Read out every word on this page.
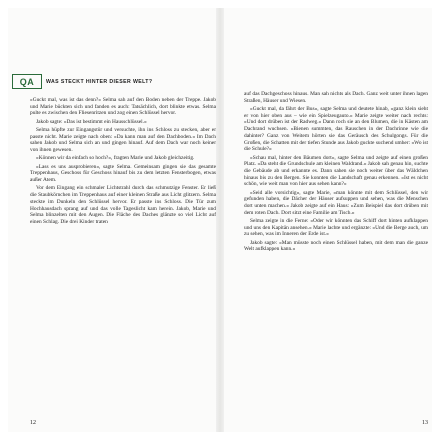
QA	WAS STECKT HINTER DIESER WELT?

»Guckt mal, was ist das denn?« Selma sah auf den Boden neben der Treppe. Jakob und Marie bückten sich und fanden es auch: Tatsächlich, dort blinkte etwas. Selma pulte es zwischen den Fliesenritzen und zog einen Schlüssel hervor.

Jakob sagte: »Das ist bestimmt ein Hausschlüssel.«

Selma hüpfte zur Eingangstür und versuchte, ihn ins Schloss zu stecken, aber er passte nicht. Marie zeigte nach oben: »Da kann man auf den Dachboden.« Im Dach sahen Jakob und Selma sich an und gingen hinauf. Auf dem Dach war noch keiner von ihnen gewesen.

»Können wir da einfach so hoch?«, fragten Marie und Jakob gleichzeitig.

»Lass es uns ausprobieren«, sagte Selma. Gemeinsam gingen sie das gesamte Treppenhaus, Geschoss für Geschoss hinauf bis zu dem letzten Fensterbogen, etwas außer Atem.

Vor dem Eingang ein schmaler Lichtstrahl durch das schmutzige Fenster. Er ließ die Staubkörnchen im Treppenhaus auf einer kleinen Straße aus Licht glitzern. Selma steckte im Dunkeln den Schlüssel hervor. Er passte ins Schloss. Die Tür zum Hochhausdach sprang auf und das volle Tageslicht kam herein. Jakob, Marie und Selma blinzelten mit den Augen. Die Fläche des Daches glänzte so viel Licht auf einen Schlag. Die drei Kinder traten

12

auf das Dachgeschoss hinaus. Man sah nichts als Dach. Ganz weit unter ihnen lagen Straßen, Häuser und Wiesen.

»Guckt mal, da fährt der Bus«, sagte Selma und deutete hinab, »ganz klein sieht er von hier oben aus – wie ein Spielzeugauto.« Marie zeigte weiter nach rechts: »Und dort drüben ist der Radweg.« Dann roch sie an den Blumen, die in Kästen am Dachrand wuchsen. »Bienen summten, das Rauschen in der Dachrinne wie die dahinter? Ganz von Weitem hörten sie das Geräusch des Schulgongs. Für die Großen, die Schatten mit der tiefen Stunde aus Jakob guckte suchend umher: »Wo ist die Schule?«

»Schau mal, hinter den Bäumen dort«, sagte Selma und zeigte auf einen großen Platz. »Da steht die Grundschule am kleinen Waldrand.« Jakob sah genau hin, suchte die Gebäude ab und erkannte es. Dann sahen sie noch weiter über das Wäldchen hinaus bis zu den Bergen. Sie konnten die Landschaft genau erkennen. »Ist es nicht schön, wie weit man von hier aus sehen kann?«

»Seid alle vorsichtig«, sagte Marie, »man könnte mit dem Schlüssel, den wir gefunden haben, die Dächer der Häuser aufsuppen und sehen, was die Menschen dort unten machen.« Jakob zeigte auf ein Haus: »Zum Beispiel das dort drüben mit dem roten Dach. Dort sitzt eine Familie am Tisch.«

Selma zeigte in die Ferne: »Oder wir könnten das Schiff dort hinten aufklappen und uns den Kapitän ansehen.« Marie lachte und ergänzte: »Und die Berge auch, um zu sehen, was im Inneren der Erde ist.«

Jakob sagte: »Man müsste noch einen Schlüssel haben, mit dem man die ganze Welt aufklappen kann.«

13
